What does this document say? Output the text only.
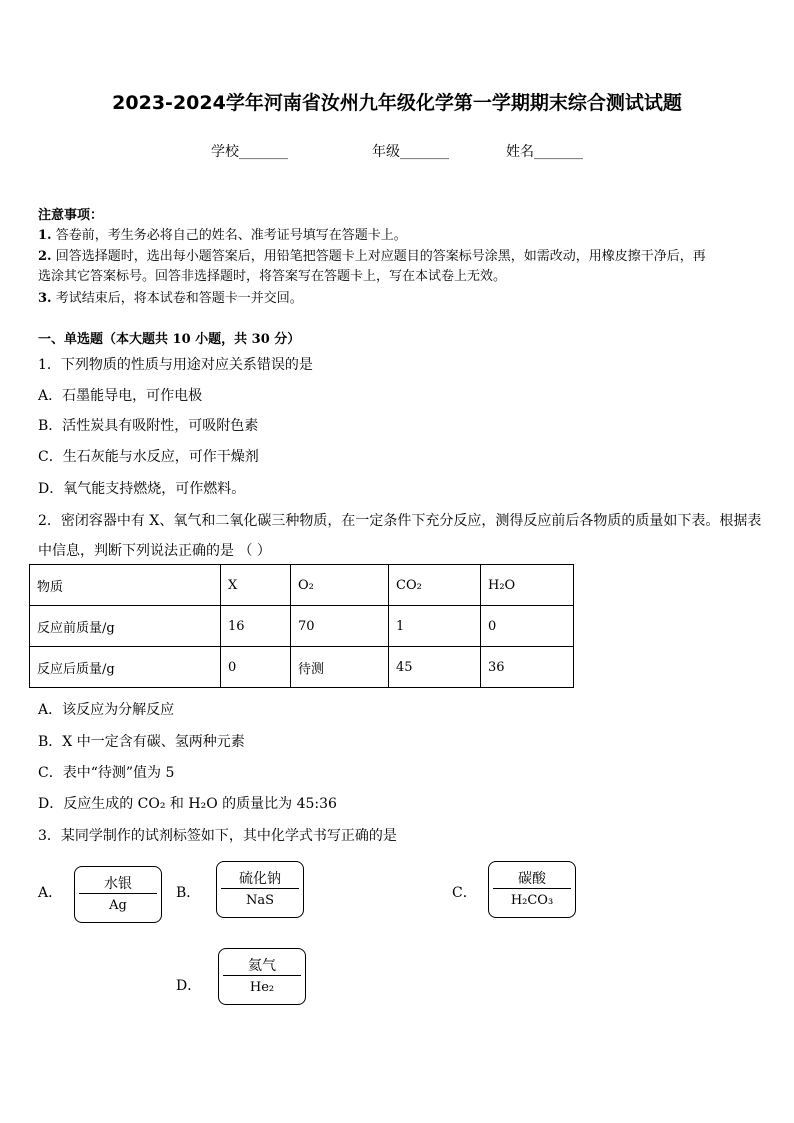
2023-2024学年河南省汝州九年级化学第一学期期末综合测试试题
学校_______	年级_______	姓名_______
注意事项：
1. 答卷前，考生务必将自己的姓名、准考证号填写在答题卡上。
2. 回答选择题时，选出每小题答案后，用铅笔把答题卡上对应题目的答案标号涂黑，如需改动，用橡皮擦干净后，再
选涂其它答案标号。回答非选择题时，将答案写在答题卡上，写在本试卷上无效。
3. 考试结束后，将本试卷和答题卡一并交回。
一、单选题（本大题共 10 小题，共 30 分）
1．下列物质的性质与用途对应关系错误的是
A．石墨能导电，可作电极
B．活性炭具有吸附性，可吸附色素
C．生石灰能与水反应，可作干燥剂
D．氧气能支持燃烧，可作燃料。
2．密闭容器中有 X、氧气和二氧化碳三种物质，在一定条件下充分反应，测得反应前后各物质的质量如下表。根据表
中信息，判断下列说法正确的是 （ ）
物质	X	O₂	CO₂	H₂O
反应前质量/g	16	70	1	0
反应后质量/g	0	待测	45	36
A．该反应为分解反应
B．X 中一定含有碳、氢两种元素
C．表中“待测”值为 5
D．反应生成的 CO₂ 和 H₂O 的质量比为 45:36
3．某同学制作的试剂标签如下，其中化学式书写正确的是
A．
水银
Ag
B．
硫化钠
NaS	C．
碳酸
H₂CO₃
D．
氦气
He₂
